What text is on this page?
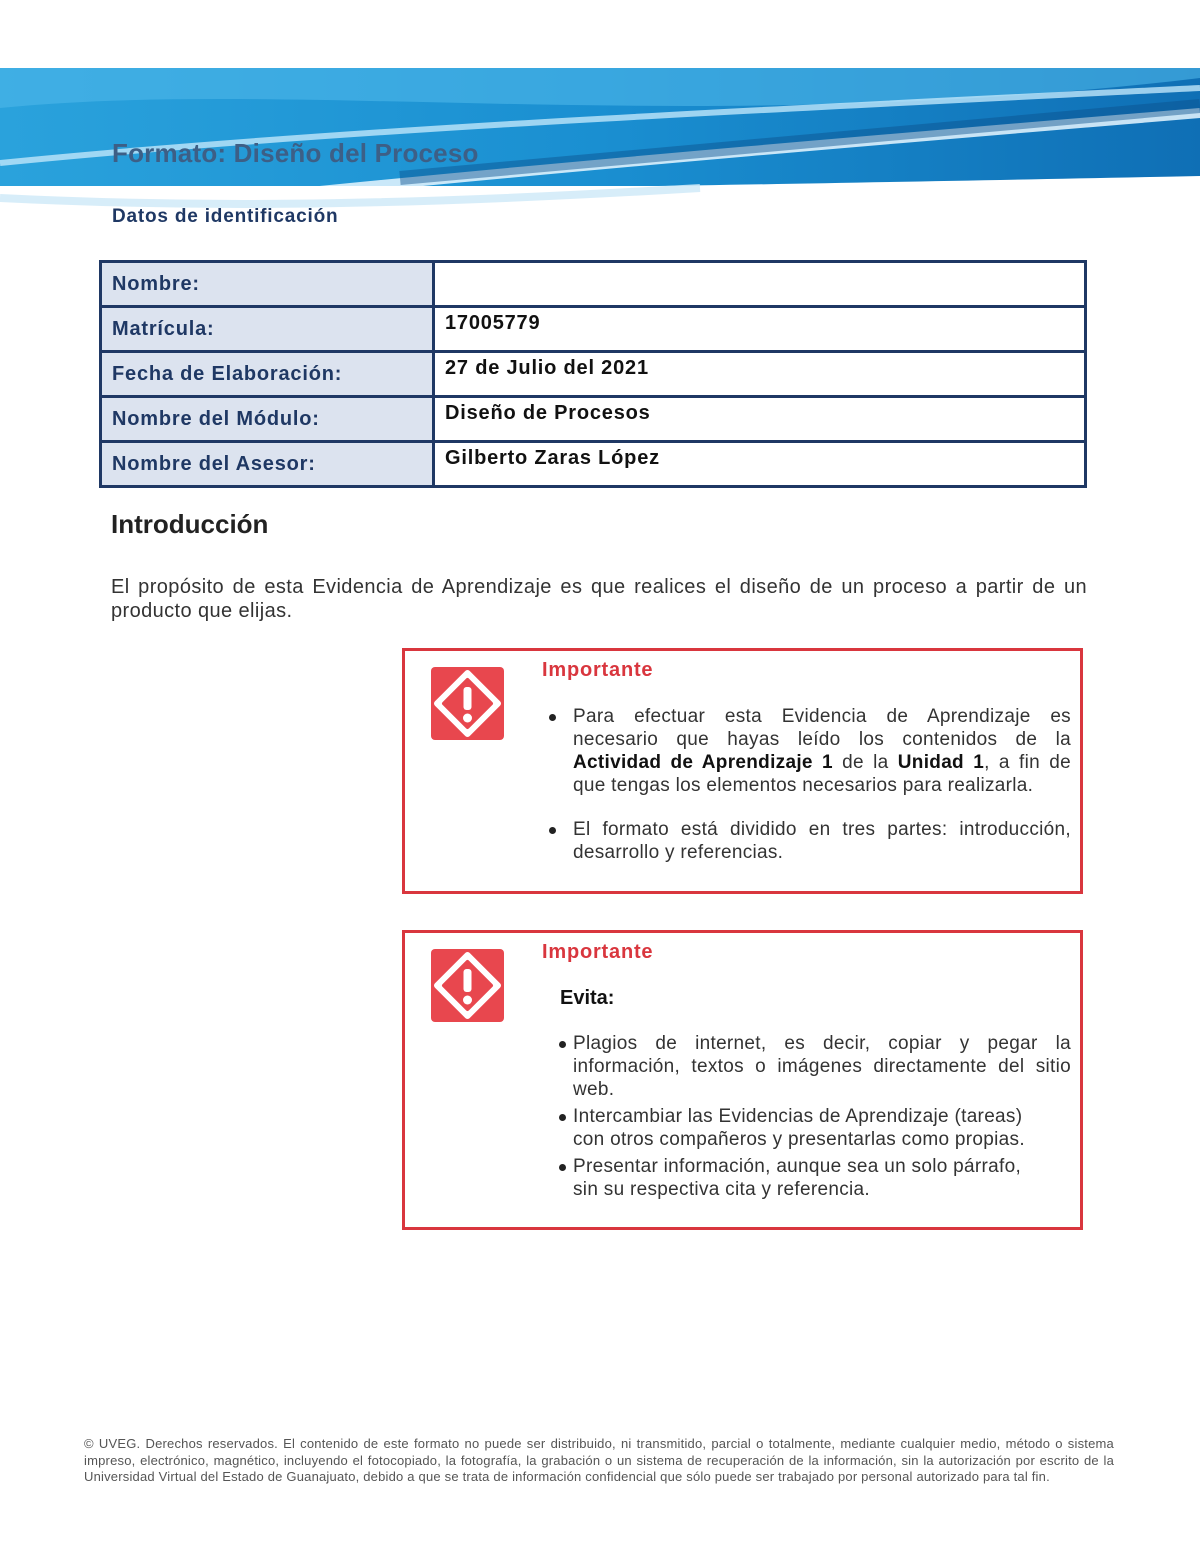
Formato: Diseño del Proceso
Datos de identificación
Nombre:	
Matrícula:	17005779
Fecha de Elaboración:	27 de Julio del 2021
Nombre del Módulo:	Diseño de Procesos
Nombre del Asesor:	Gilberto Zaras López
Introducción
El propósito de esta Evidencia de Aprendizaje es que realices el diseño de un proceso a partir de un producto que elijas.
Importante
Para efectuar esta Evidencia de Aprendizaje es necesario que hayas leído los contenidos de la Actividad de Aprendizaje 1 de la Unidad 1, a fin de que tengas los elementos necesarios para realizarla.
El formato está dividido en tres partes: introducción, desarrollo y referencias.
Importante
Evita:
Plagios de internet, es decir, copiar y pegar la información, textos o imágenes directamente del sitio web.
Intercambiar las Evidencias de Aprendizaje (tareas) con otros compañeros y presentarlas como propias.
Presentar información, aunque sea un solo párrafo, sin su respectiva cita y referencia.
© UVEG. Derechos reservados. El contenido de este formato no puede ser distribuido, ni transmitido, parcial o totalmente, mediante cualquier medio, método o sistema impreso, electrónico, magnético, incluyendo el fotocopiado, la fotografía, la grabación o un sistema de recuperación de la información, sin la autorización por escrito de la Universidad Virtual del Estado de Guanajuato, debido a que se trata de información confidencial que sólo puede ser trabajado por personal autorizado para tal fin.
